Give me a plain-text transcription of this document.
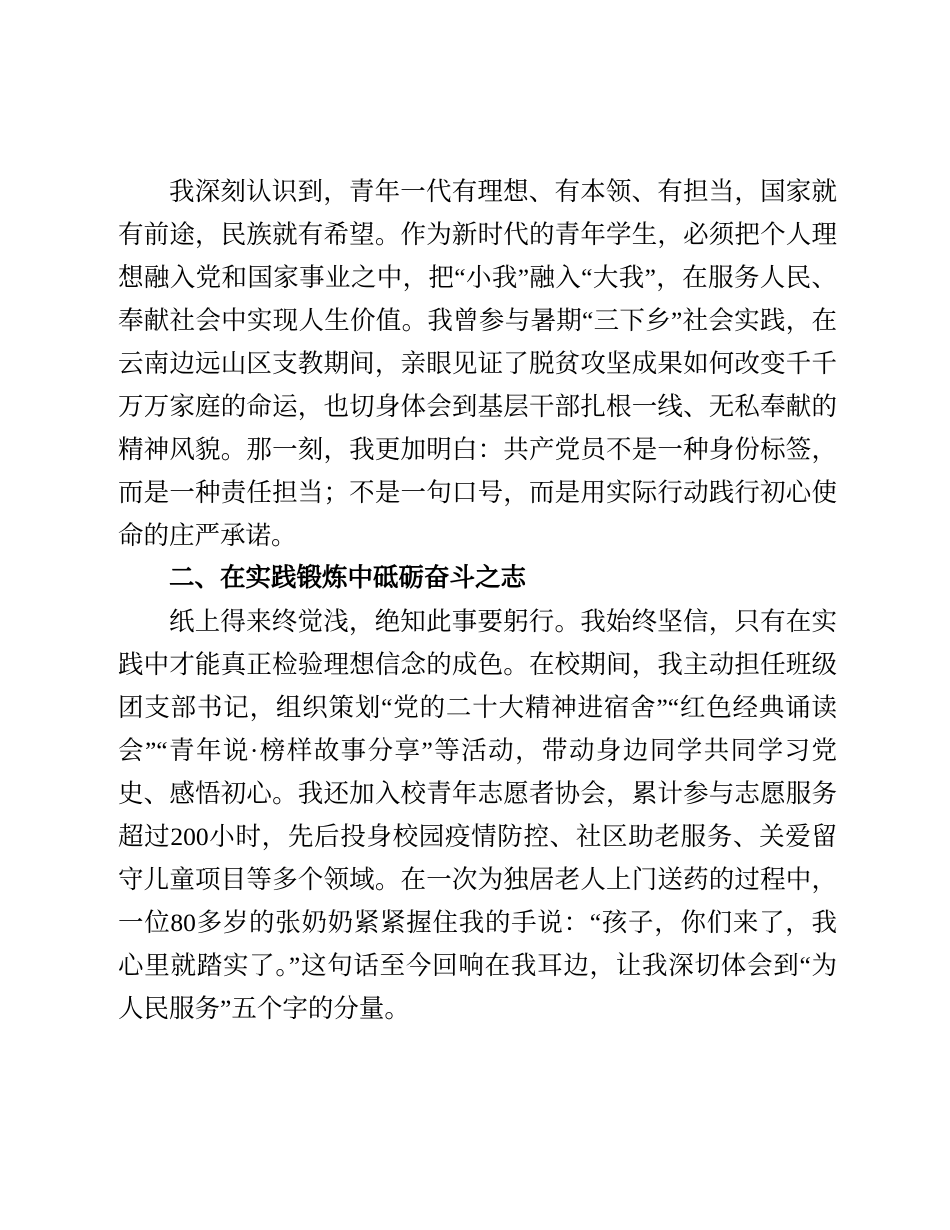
我深刻认识到，青年一代有理想、有本领、有担当，国家就有前途，民族就有希望。作为新时代的青年学生，必须把个人理想融入党和国家事业之中，把“小我”融入“大我”，在服务人民、奉献社会中实现人生价值。我曾参与暑期“三下乡”社会实践，在云南边远山区支教期间，亲眼见证了脱贫攻坚成果如何改变千千万万家庭的命运，也切身体会到基层干部扎根一线、无私奉献的精神风貌。那一刻，我更加明白：共产党员不是一种身份标签，而是一种责任担当；不是一句口号，而是用实际行动践行初心使命的庄严承诺。

二、在实践锻炼中砥砺奋斗之志

纸上得来终觉浅，绝知此事要躬行。我始终坚信，只有在实践中才能真正检验理想信念的成色。在校期间，我主动担任班级团支部书记，组织策划“党的二十大精神进宿舍”“红色经典诵读会”“青年说·榜样故事分享”等活动，带动身边同学共同学习党史、感悟初心。我还加入校青年志愿者协会，累计参与志愿服务超过200小时，先后投身校园疫情防控、社区助老服务、关爱留守儿童项目等多个领域。在一次为独居老人上门送药的过程中，一位80多岁的张奶奶紧紧握住我的手说：“孩子，你们来了，我心里就踏实了。”这句话至今回响在我耳边，让我深切体会到“为人民服务”五个字的分量。
